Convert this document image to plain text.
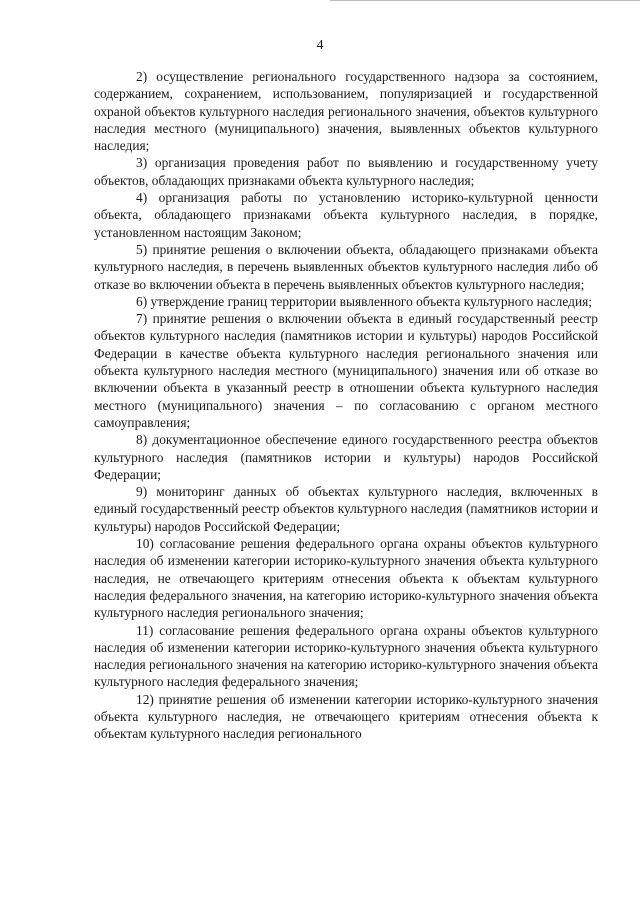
4

2) осуществление регионального государственного надзора за состоянием, содержанием, сохранением, использованием, популяризацией и государственной охраной объектов культурного наследия регионального значения, объектов культурного наследия местного (муниципального) значения, выявленных объектов культурного наследия;

3) организация проведения работ по выявлению и государственному учету объектов, обладающих признаками объекта культурного наследия;

4) организация работы по установлению историко-культурной ценности объекта, обладающего признаками объекта культурного наследия, в порядке, установленном настоящим Законом;

5) принятие решения о включении объекта, обладающего признаками объекта культурного наследия, в перечень выявленных объектов культурного наследия либо об отказе во включении объекта в перечень выявленных объектов культурного наследия;

6) утверждение границ территории выявленного объекта культурного наследия;

7) принятие решения о включении объекта в единый государственный реестр объектов культурного наследия (памятников истории и культуры) народов Российской Федерации в качестве объекта культурного наследия регионального значения или объекта культурного наследия местного (муниципального) значения или об отказе во включении объекта в указанный реестр в отношении объекта культурного наследия местного (муниципального) значения – по согласованию с органом местного самоуправления;

8) документационное обеспечение единого государственного реестра объектов культурного наследия (памятников истории и культуры) народов Российской Федерации;

9) мониторинг данных об объектах культурного наследия, включенных в единый государственный реестр объектов культурного наследия (памятников истории и культуры) народов Российской Федерации;

10) согласование решения федерального органа охраны объектов культурного наследия об изменении категории историко-культурного значения объекта культурного наследия, не отвечающего критериям отнесения объекта к объектам культурного наследия федерального значения, на категорию историко-культурного значения объекта культурного наследия регионального значения;

11) согласование решения федерального органа охраны объектов культурного наследия об изменении категории историко-культурного значения объекта культурного наследия регионального значения на категорию историко-культурного значения объекта культурного наследия федерального значения;

12) принятие решения об изменении категории историко-культурного значения объекта культурного наследия, не отвечающего критериям отнесения объекта к объектам культурного наследия регионального
